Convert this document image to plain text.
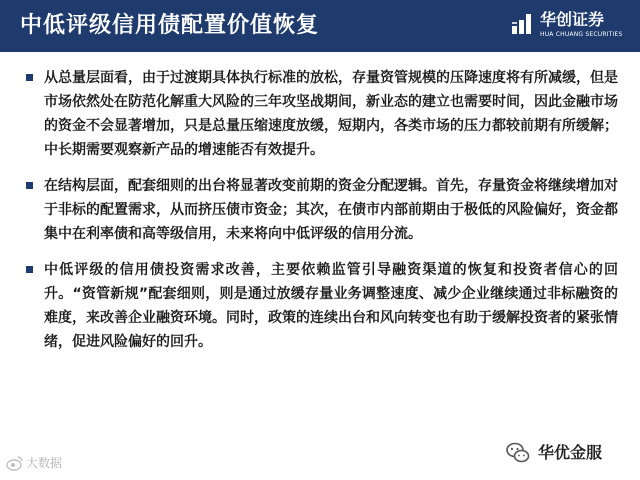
中低评级信用债配置价值恢复	华创证券
HUA CHUANG SECURITIES
从总量层面看，由于过渡期具体执行标准的放松，存量资管规模的压降速度将有所减缓，但是市场依然处在防范化解重大风险的三年攻坚战期间，新业态的建立也需要时间，因此金融市场的资金不会显著增加，只是总量压缩速度放缓，短期内，各类市场的压力都较前期有所缓解；中长期需要观察新产品的增速能否有效提升。
在结构层面，配套细则的出台将显著改变前期的资金分配逻辑。首先，存量资金将继续增加对于非标的配置需求，从而挤压债市资金；其次，在债市内部前期由于极低的风险偏好，资金都集中在利率债和高等级信用，未来将向中低评级的信用分流。
中低评级的信用债投资需求改善，主要依赖监管引导融资渠道的恢复和投资者信心的回升。“资管新规”配套细则，则是通过放缓存量业务调整速度、减少企业继续通过非标融资的难度，来改善企业融资环境。同时，政策的连续出台和风向转变也有助于缓解投资者的紧张情绪，促进风险偏好的回升。
大数据
华优金服
